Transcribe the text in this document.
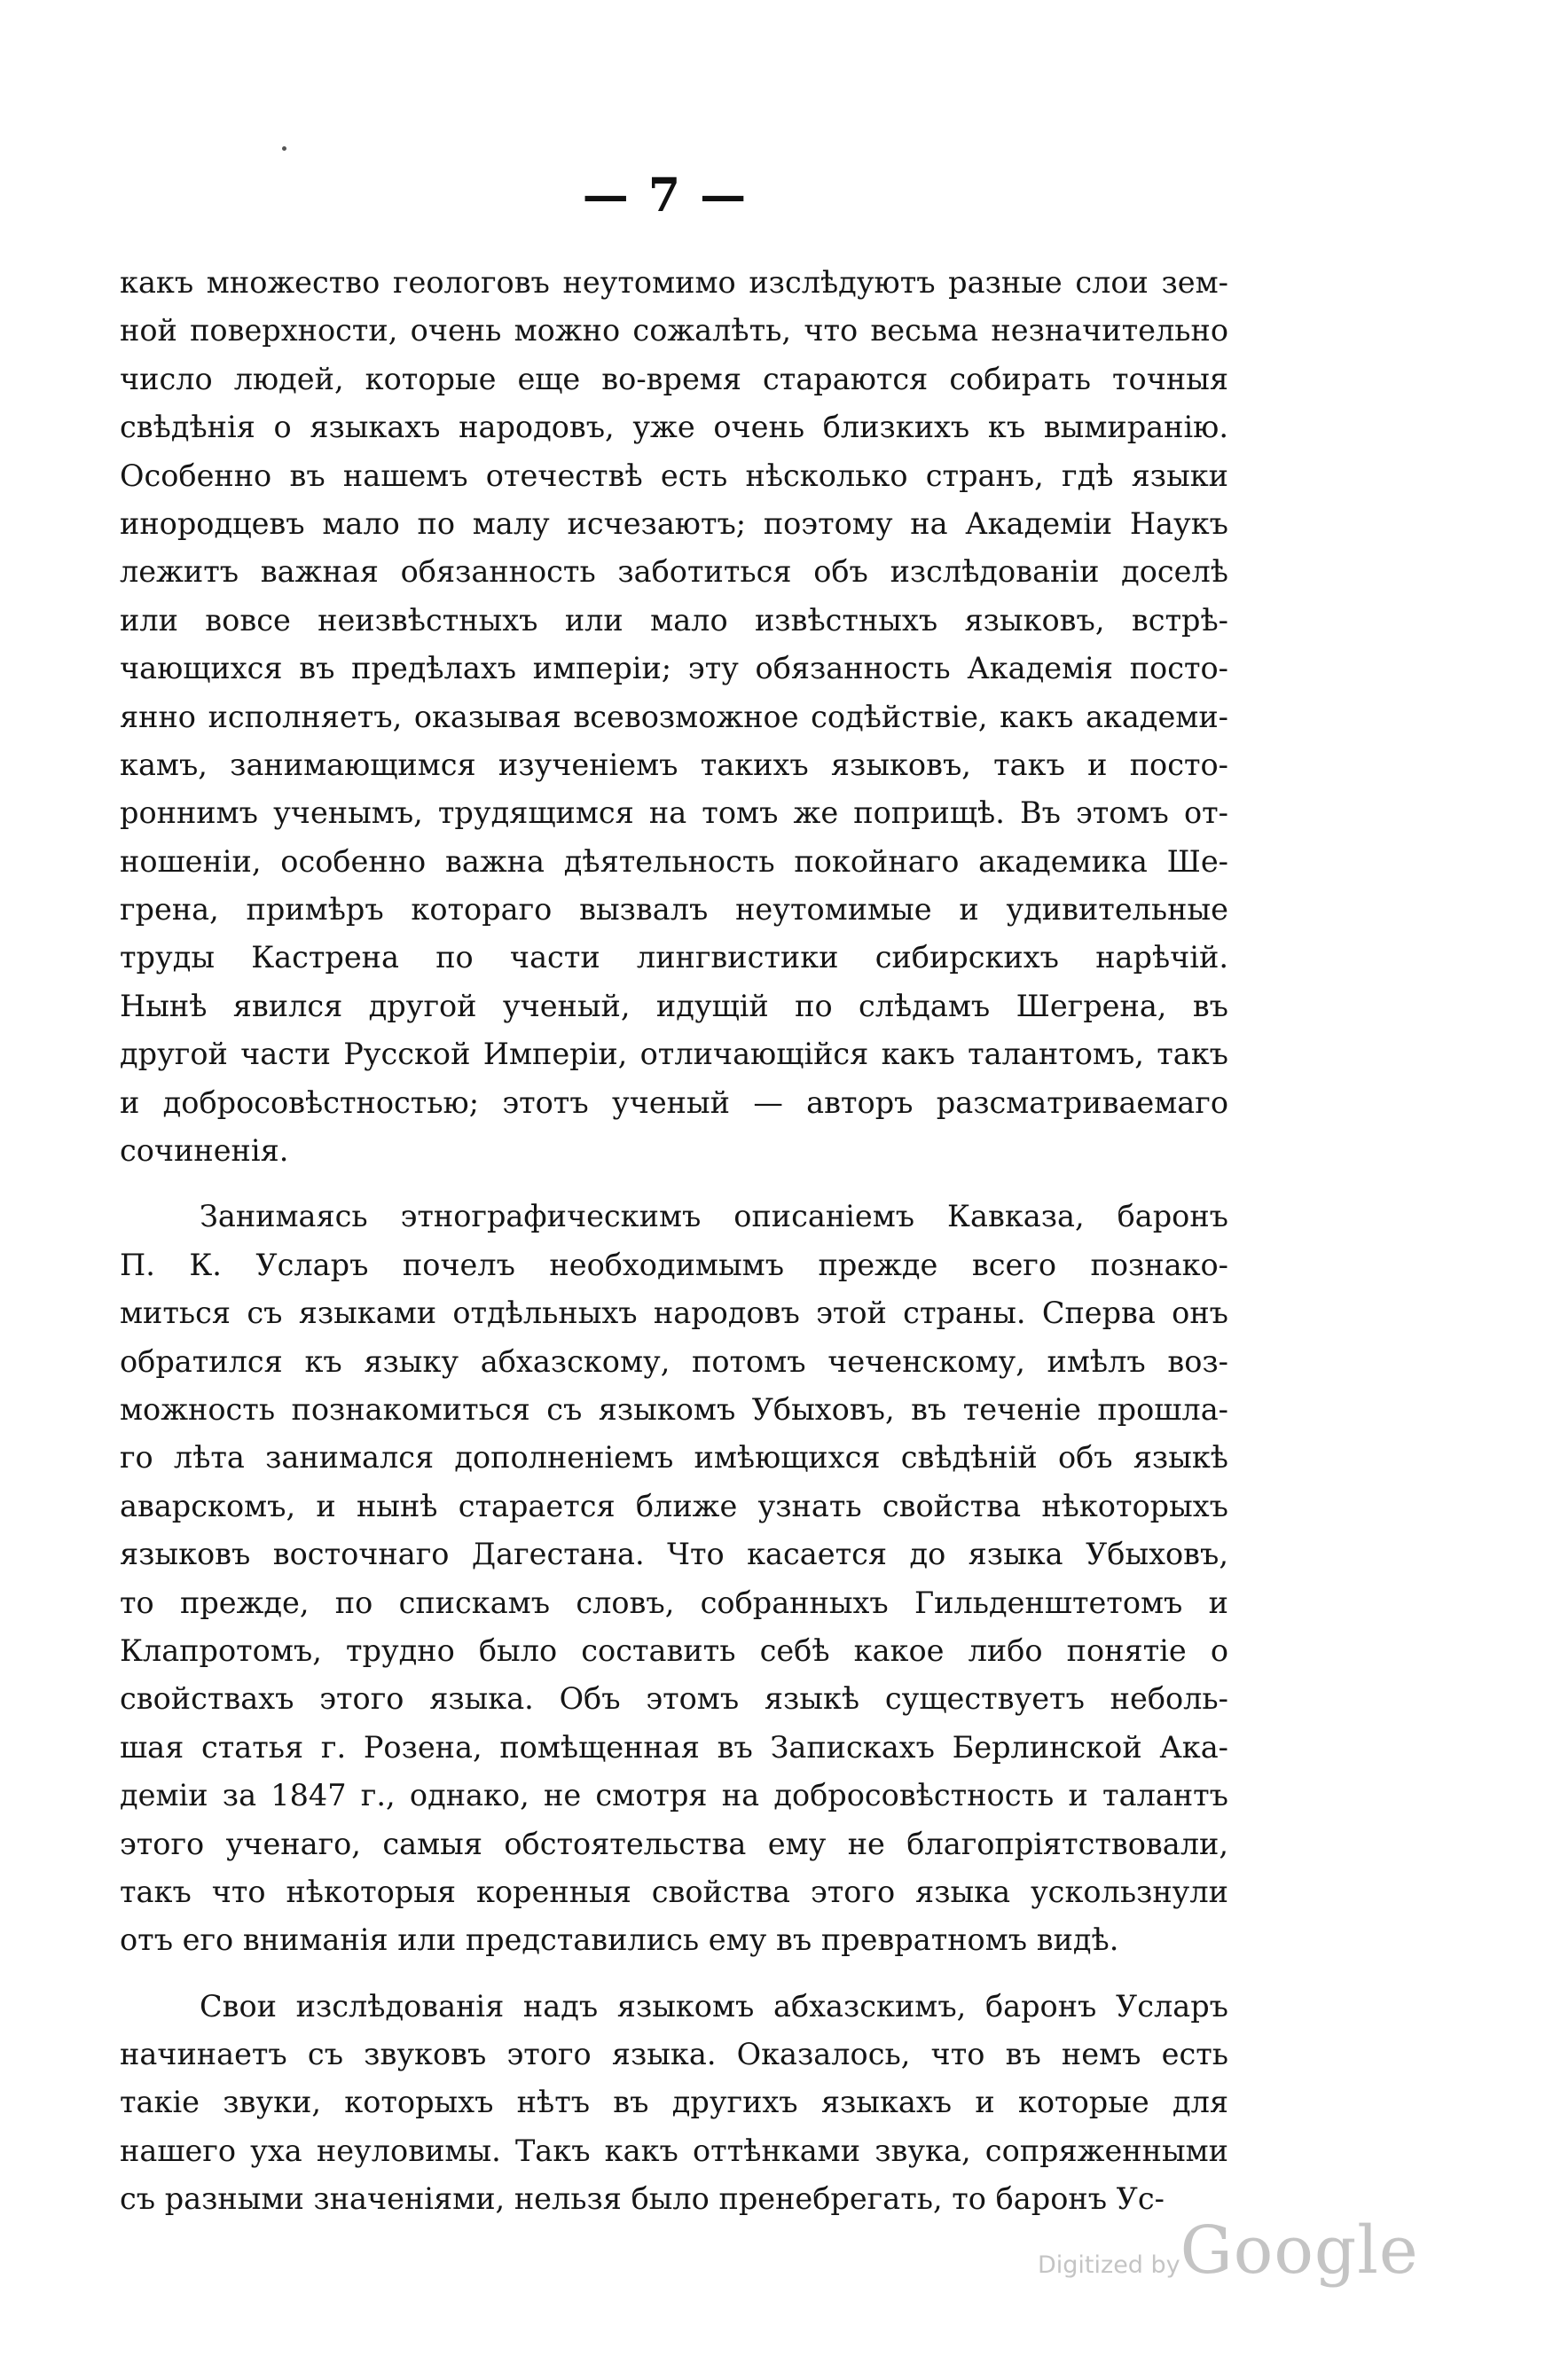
— 7 —
какъ множество геологовъ неутомимо изслѣдуютъ разные слои зем-
ной поверхности, очень можно сожалѣть, что весьма незначительно
число людей, которые еще во-время стараются собирать точныя
свѣдѣнія о языкахъ народовъ, уже очень близкихъ къ вымиранію.
Особенно въ нашемъ отечествѣ есть нѣсколько странъ, гдѣ языки
инородцевъ мало по малу исчезаютъ; поэтому на Академіи Наукъ
лежитъ важная обязанность заботиться объ изслѣдованіи доселѣ
или вовсе неизвѣстныхъ или мало извѣстныхъ языковъ, встрѣ-
чающихся въ предѣлахъ имперіи; эту обязанность Академія посто-
янно исполняетъ, оказывая всевозможное содѣйствіе, какъ академи-
камъ, занимающимся изученіемъ такихъ языковъ, такъ и посто-
роннимъ ученымъ, трудящимся на томъ же поприщѣ. Въ этомъ от-
ношеніи, особенно важна дѣятельность покойнаго академика Ше-
грена, примѣръ котораго вызвалъ неутомимые и удивительные
труды Кастрена по части лингвистики сибирскихъ нарѣчій.
Нынѣ явился другой ученый, идущій по слѣдамъ Шегрена, въ
другой части Русской Имперіи, отличающійся какъ талантомъ, такъ
и добросовѣстностью; этотъ ученый — авторъ разсматриваемаго
сочиненія.
Занимаясь этнографическимъ описаніемъ Кавказа, баронъ
П. К. Усларъ почелъ необходимымъ прежде всего познако-
миться съ языками отдѣльныхъ народовъ этой страны. Сперва онъ
обратился къ языку абхазскому, потомъ чеченскому, имѣлъ воз-
можность познакомиться съ языкомъ Убыховъ, въ теченіе прошла-
го лѣта занимался дополненіемъ имѣющихся свѣдѣній объ языкѣ
аварскомъ, и нынѣ старается ближе узнать свойства нѣкоторыхъ
языковъ восточнаго Дагестана. Что касается до языка Убыховъ,
то прежде, по спискамъ словъ, собранныхъ Гильденштетомъ и
Клапротомъ, трудно было составить себѣ какое либо понятіе о
свойствахъ этого языка. Объ этомъ языкѣ существуетъ неболь-
шая статья г. Розена, помѣщенная въ Запискахъ Берлинской Ака-
деміи за 1847 г., однако, не смотря на добросовѣстность и талантъ
этого ученаго, самыя обстоятельства ему не благопріятствовали,
такъ что нѣкоторыя коренныя свойства этого языка ускользнули
отъ его вниманія или представились ему въ превратномъ видѣ.
Свои изслѣдованія надъ языкомъ абхазскимъ, баронъ Усларъ
начинаетъ съ звуковъ этого языка. Оказалось, что въ немъ есть
такіе звуки, которыхъ нѣтъ въ другихъ языкахъ и которые для
нашего уха неуловимы. Такъ какъ оттѣнками звука, сопряженными
съ разными значеніями, нельзя было пренебрегать, то баронъ Ус-
Digitized byGoogle
